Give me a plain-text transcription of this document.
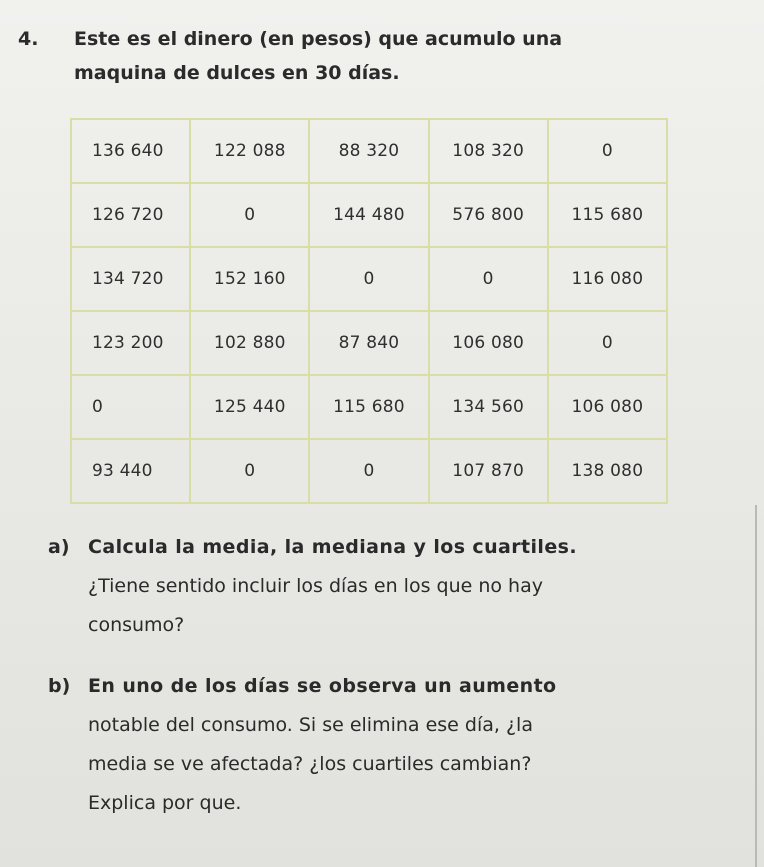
4. Este es el dinero (en pesos) que acumulo una
maquina de dulces en 30 días.
136 640	122 088	88 320	108 320	0
126 720	0	144 480	576 800	115 680
134 720	152 160	0	0	116 080
123 200	102 880	87 840	106 080	0
0	125 440	115 680	134 560	106 080
93 440	0	0	107 870	138 080
a) Calcula la media, la mediana y los cuartiles.
¿Tiene sentido incluir los días en los que no hay
consumo?
b) En uno de los días se observa un aumento
notable del consumo. Si se elimina ese día, ¿la
media se ve afectada? ¿los cuartiles cambian?
Explica por que.
